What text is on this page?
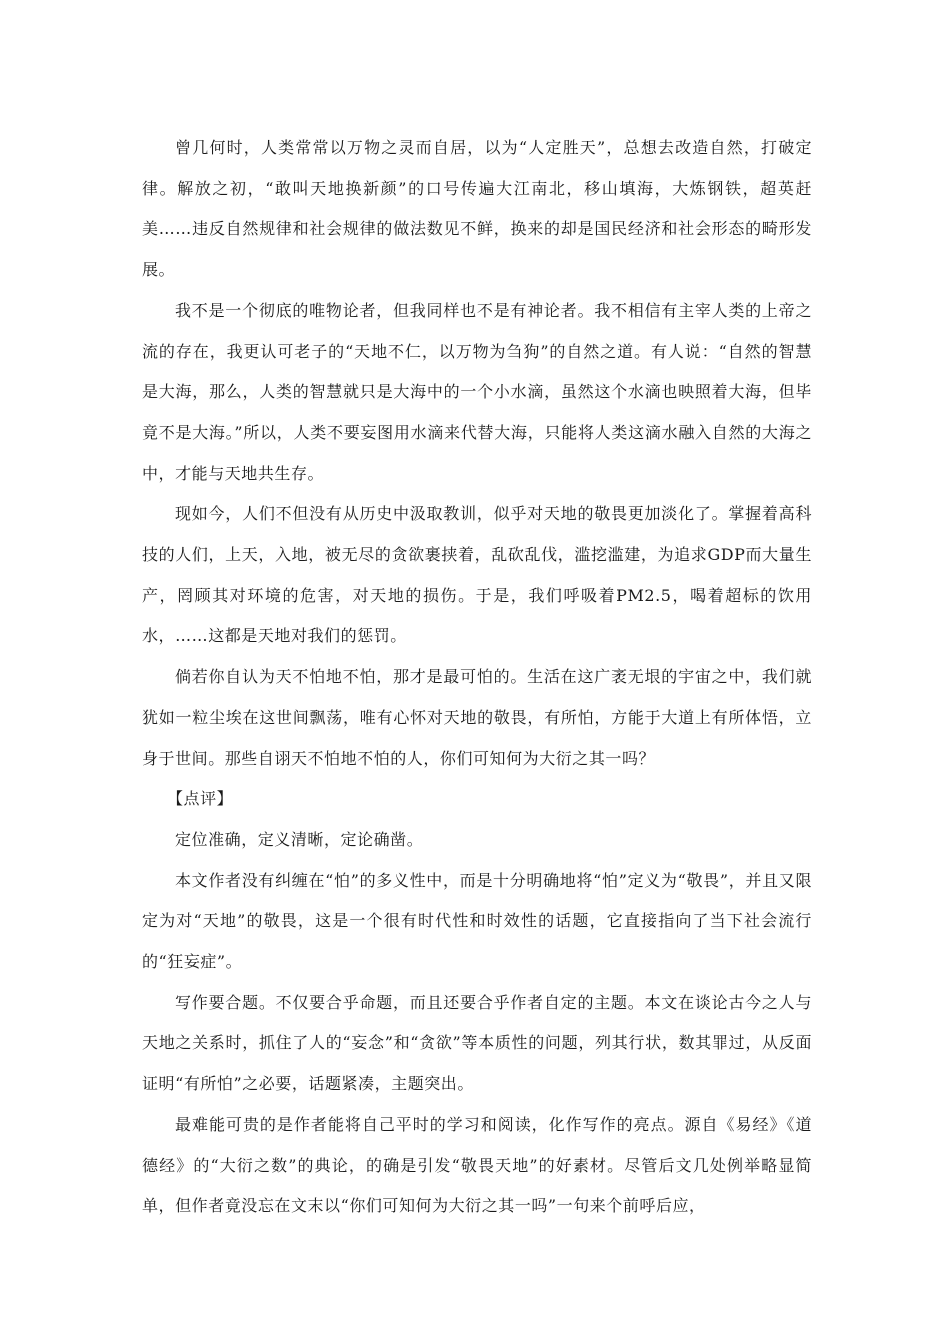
曾几何时，人类常常以万物之灵而自居，以为“人定胜天”，总想去改造自然，打破定律。解放之初，“敢叫天地换新颜”的口号传遍大江南北，移山填海，大炼钢铁，超英赶美……违反自然规律和社会规律的做法数见不鲜，换来的却是国民经济和社会形态的畸形发展。

我不是一个彻底的唯物论者，但我同样也不是有神论者。我不相信有主宰人类的上帝之流的存在，我更认可老子的“天地不仁，以万物为刍狗”的自然之道。有人说：“自然的智慧是大海，那么，人类的智慧就只是大海中的一个小水滴，虽然这个水滴也映照着大海，但毕竟不是大海。”所以，人类不要妄图用水滴来代替大海，只能将人类这滴水融入自然的大海之中，才能与天地共生存。

现如今，人们不但没有从历史中汲取教训，似乎对天地的敬畏更加淡化了。掌握着高科技的人们，上天，入地，被无尽的贪欲裹挟着，乱砍乱伐，滥挖滥建，为追求GDP而大量生产，罔顾其对环境的危害，对天地的损伤。于是，我们呼吸着PM2.5，喝着超标的饮用水，……这都是天地对我们的惩罚。

倘若你自认为天不怕地不怕，那才是最可怕的。生活在这广袤无垠的宇宙之中，我们就犹如一粒尘埃在这世间飘荡，唯有心怀对天地的敬畏，有所怕，方能于大道上有所体悟，立身于世间。那些自诩天不怕地不怕的人，你们可知何为大衍之其一吗？

【点评】

定位准确，定义清晰，定论确凿。

本文作者没有纠缠在“怕”的多义性中，而是十分明确地将“怕”定义为“敬畏”，并且又限定为对“天地”的敬畏，这是一个很有时代性和时效性的话题，它直接指向了当下社会流行的“狂妄症”。

写作要合题。不仅要合乎命题，而且还要合乎作者自定的主题。本文在谈论古今之人与天地之关系时，抓住了人的“妄念”和“贪欲”等本质性的问题，列其行状，数其罪过，从反面证明“有所怕”之必要，话题紧凑，主题突出。

最难能可贵的是作者能将自己平时的学习和阅读，化作写作的亮点。源自《易经》《道德经》的“大衍之数”的典论，的确是引发“敬畏天地”的好素材。尽管后文几处例举略显简单，但作者竟没忘在文末以“你们可知何为大衍之其一吗”一句来个前呼后应，
